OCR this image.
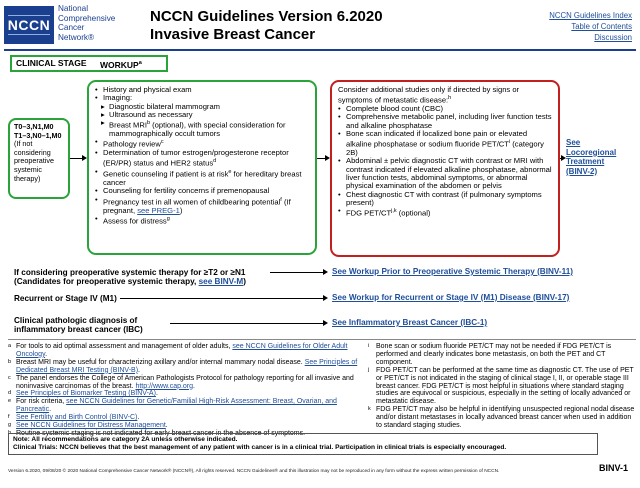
NCCN
National
Comprehensive
Cancer
Network®
NCCN Guidelines Version 6.2020
Invasive Breast Cancer
NCCN Guidelines Index
Table of Contents
Discussion
CLINICAL STAGE WORKUP$^a$
T0–3,N1,M0
T1–3,N0–1,M0
(If not
considering
preoperative
systemic
therapy)
• History and physical exam
• Imaging:
▸ Diagnostic bilateral mammogram
▸ Ultrasound as necessary
▸ Breast MRI$^b$ (optional), with special consideration for mammographically occult tumors
• Pathology review$^c$
• Determination of tumor estrogen/progesterone receptor (ER/PR) status and HER2 status$^d$
• Genetic counseling if patient is at risk$^e$ for hereditary breast cancer
• Counseling for fertility concerns if premenopausal
• Pregnancy test in all women of childbearing potential$^f$ (If pregnant, see PREG-1)
• Assess for distress$^g$
Consider additional studies only if directed by signs or symptoms of metastatic disease:$^h$
• Complete blood count (CBC)
• Comprehensive metabolic panel, including liver function tests and alkaline phosphatase
• Bone scan indicated if localized bone pain or elevated alkaline phosphatase or sodium fluoride PET/$CT^i$ (category 2B)
• Abdominal ± pelvic diagnostic CT with contrast or MRI with contrast indicated if elevated alkaline phosphatase, abnormal liver function tests, abdominal symptoms, or abnormal physical examination of the abdomen or pelvis
• Chest diagnostic CT with contrast (if pulmonary symptoms present)
• FDG PET/CT$^{j,k}$ (optional)
See
Locoregional
Treatment
(BINV-2)
If considering preoperative systemic therapy for ≥T2 or ≥N1
(Candidates for preoperative systemic therapy, see BINV-M)
See Workup Prior to Preoperative Systemic Therapy (BINV-11)
Recurrent or Stage IV (M1)	See Workup for Recurrent or Stage IV (M1) Disease (BINV-17)
Clinical pathologic diagnosis of
inflammatory breast cancer (IBC)
See Inflammatory Breast Cancer (IBC-1)
a For tools to aid optimal assessment and management of older adults, see NCCN Guidelines for Older Adult Oncology.
b Breast MRI may be useful for characterizing axillary and/or internal mammary nodal disease. See Principles of Dedicated Breast MRI Testing (BINV-B).
c The panel endorses the College of American Pathologists Protocol for pathology reporting for all invasive and noninvasive carcinomas of the breast. http://www.cap.org.
d See Principles of Biomarker Testing (BINV-A).
e For risk criteria, see NCCN Guidelines for Genetic/Familial High-Risk Assessment: Breast, Ovarian, and Pancreatic.
f See Fertility and Birth Control (BINV-C).
g See NCCN Guidelines for Distress Management.
h Routine systemic staging is not indicated for early breast cancer in the absence of symptoms.
i Bone scan or sodium fluoride PET/CT may not be needed if FDG PET/CT is performed and clearly indicates bone metastasis, on both the PET and CT component.
j FDG PET/CT can be performed at the same time as diagnostic CT. The use of PET or PET/CT is not indicated in the staging of clinical stage I, II, or operable stage III breast cancer. FDG PET/CT is most helpful in situations where standard staging studies are equivocal or suspicious, especially in the setting of locally advanced or metastatic disease.
k FDG PET/CT may also be helpful in identifying unsuspected regional nodal disease and/or distant metastases in locally advanced breast cancer when used in addition to standard staging studies.
Note: All recommendations are category 2A unless otherwise indicated.
Clinical Trials: NCCN believes that the best management of any patient with cancer is in a clinical trial. Participation in clinical trials is especially encouraged.
Version 6.2020, 09/08/20 © 2020 National Comprehensive Cancer Network® (NCCN®), All rights reserved. NCCN Guidelines® and this illustration may not be reproduced in any form without the express written permission of NCCN.	BINV-1
